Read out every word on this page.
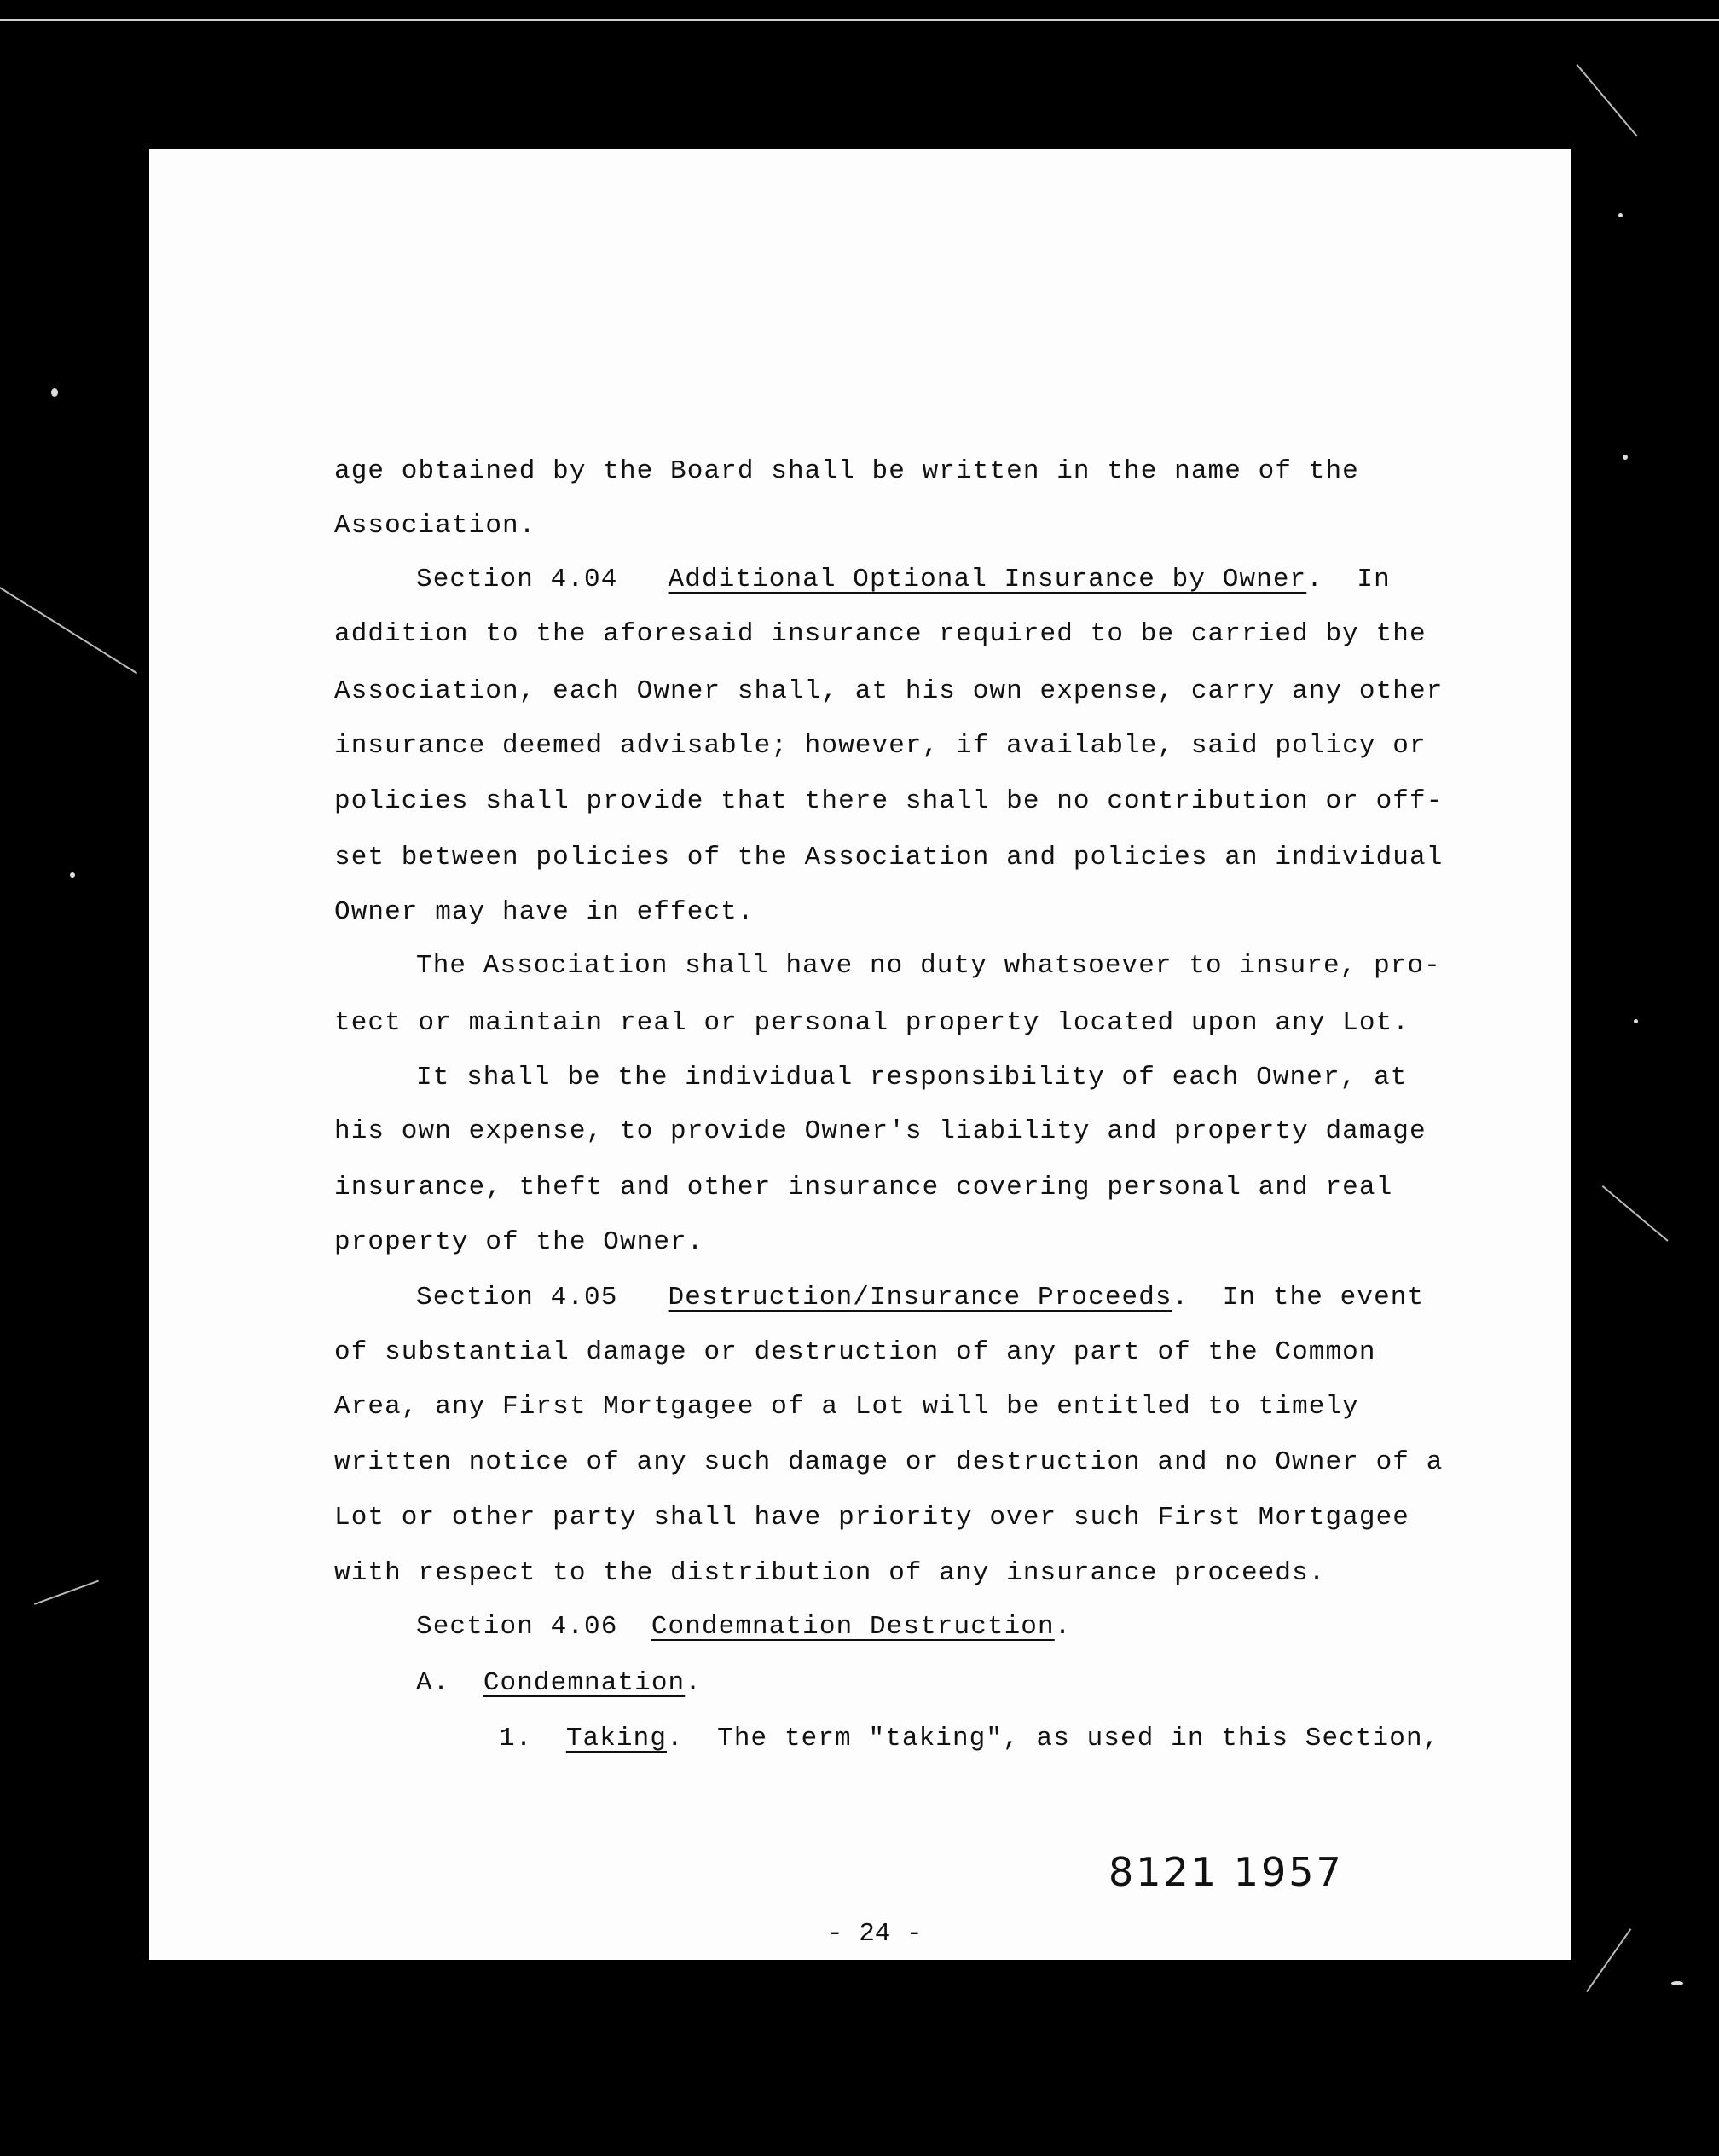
age obtained by the Board shall be written in the name of the
Association.
Section 4.04 Additional Optional Insurance by Owner.  In
addition to the aforesaid insurance required to be carried by the
Association, each Owner shall, at his own expense, carry any other
insurance deemed advisable; however, if available, said policy or
policies shall provide that there shall be no contribution or off-
set between policies of the Association and policies an individual
Owner may have in effect.
The Association shall have no duty whatsoever to insure, pro-
tect or maintain real or personal property located upon any Lot.
It shall be the individual responsibility of each Owner, at
his own expense, to provide Owner's liability and property damage
insurance, theft and other insurance covering personal and real
property of the Owner.
Section 4.05 Destruction/Insurance Proceeds.  In the event
of substantial damage or destruction of any part of the Common
Area, any First Mortgagee of a Lot will be entitled to timely
written notice of any such damage or destruction and no Owner of a
Lot or other party shall have priority over such First Mortgagee
with respect to the distribution of any insurance proceeds.
Section 4.06 Condemnation Destruction.
A. Condemnation.
1. Taking.  The term "taking", as used in this Section,
8121 1957
- 24 -
